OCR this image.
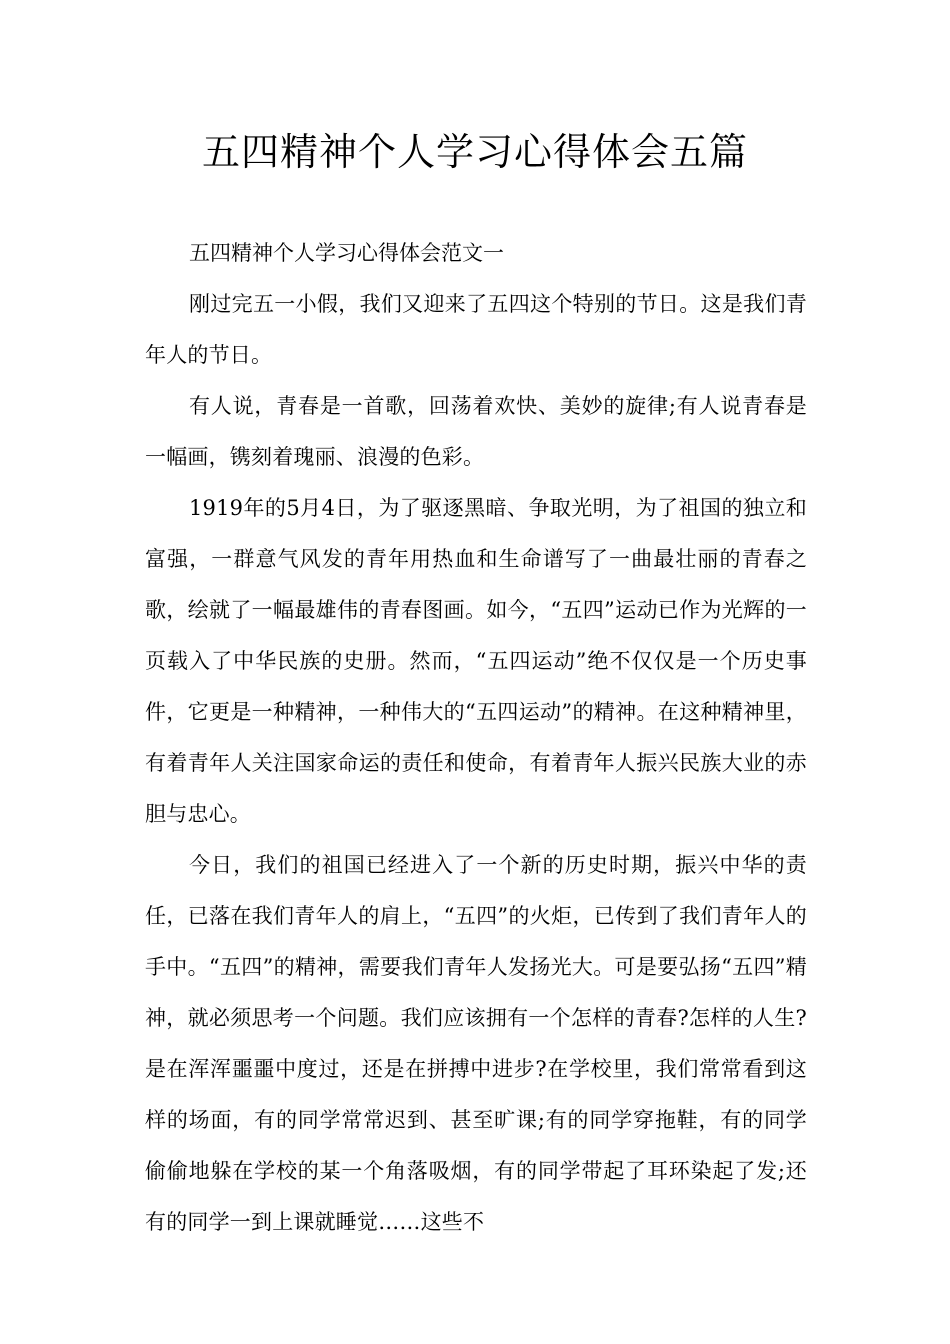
五四精神个人学习心得体会五篇

五四精神个人学习心得体会范文一

刚过完五一小假，我们又迎来了五四这个特别的节日。这是我们青年人的节日。

有人说，青春是一首歌，回荡着欢快、美妙的旋律;有人说青春是一幅画，镌刻着瑰丽、浪漫的色彩。

1919年的5月4日，为了驱逐黑暗、争取光明，为了祖国的独立和富强，一群意气风发的青年用热血和生命谱写了一曲最壮丽的青春之歌，绘就了一幅最雄伟的青春图画。如今，“五四”运动已作为光辉的一页载入了中华民族的史册。然而，“五四运动”绝不仅仅是一个历史事件，它更是一种精神，一种伟大的“五四运动”的精神。在这种精神里，有着青年人关注国家命运的责任和使命，有着青年人振兴民族大业的赤胆与忠心。

今日，我们的祖国已经进入了一个新的历史时期，振兴中华的责任，已落在我们青年人的肩上，“五四”的火炬，已传到了我们青年人的手中。“五四”的精神，需要我们青年人发扬光大。可是要弘扬“五四”精神，就必须思考一个问题。我们应该拥有一个怎样的青春?怎样的人生?是在浑浑噩噩中度过，还是在拼搏中进步?在学校里，我们常常看到这样的场面，有的同学常常迟到、甚至旷课;有的同学穿拖鞋，有的同学偷偷地躲在学校的某一个角落吸烟，有的同学带起了耳环染起了发;还有的同学一到上课就睡觉……这些不
